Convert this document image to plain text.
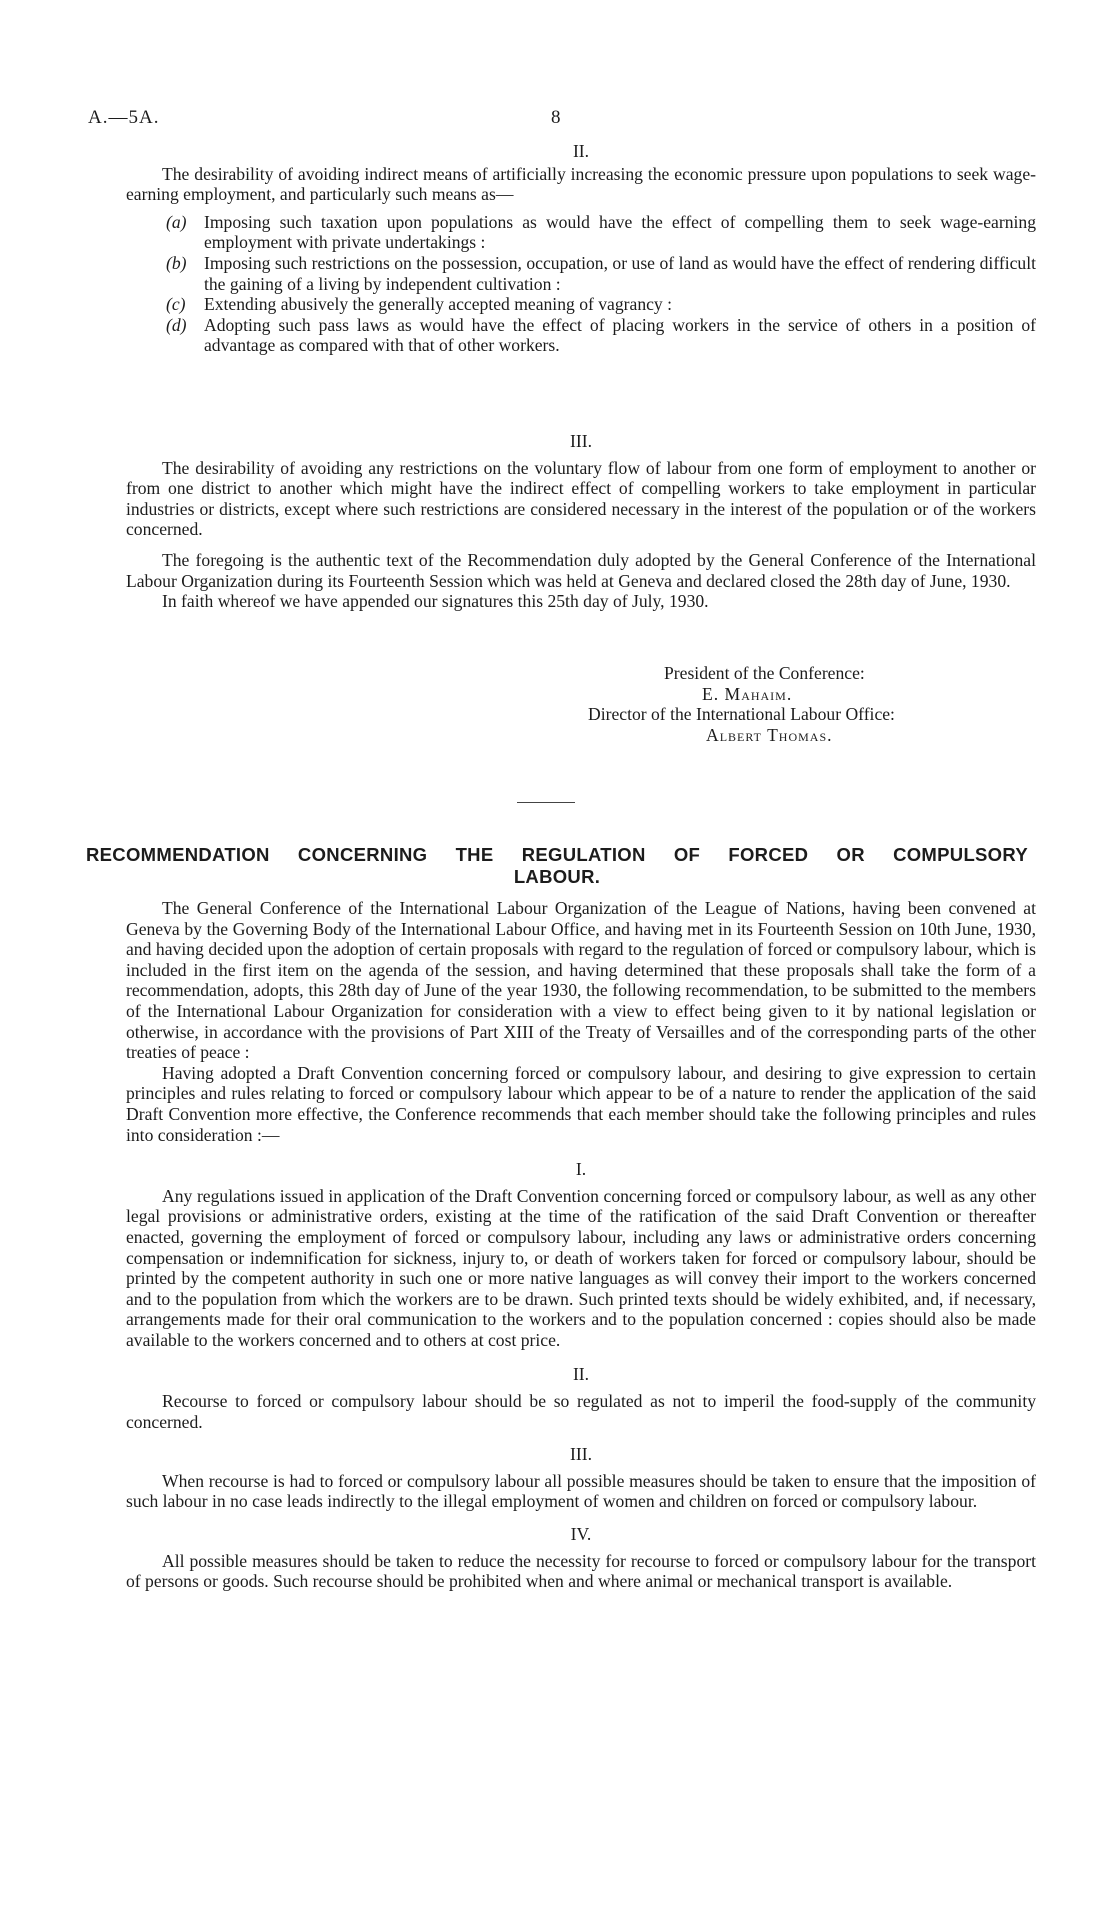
A.—5A.	8

II.

The desirability of avoiding indirect means of artificially increasing the economic pressure upon populations to seek wage-earning employment, and particularly such means as—

(a) Imposing such taxation upon populations as would have the effect of compelling them to seek wage-earning employment with private undertakings :
(b) Imposing such restrictions on the possession, occupation, or use of land as would have the effect of rendering difficult the gaining of a living by independent cultivation :
(c) Extending abusively the generally accepted meaning of vagrancy :
(d) Adopting such pass laws as would have the effect of placing workers in the service of others in a position of advantage as compared with that of other workers.

III.

The desirability of avoiding any restrictions on the voluntary flow of labour from one form of employment to another or from one district to another which might have the indirect effect of compelling workers to take employment in particular industries or districts, except where such restrictions are considered necessary in the interest of the population or of the workers concerned.

The foregoing is the authentic text of the Recommendation duly adopted by the General Conference of the International Labour Organization during its Fourteenth Session which was held at Geneva and declared closed the 28th day of June, 1930.

In faith whereof we have appended our signatures this 25th day of July, 1930.

President of the Conference:

E. Mahaim.

Director of the International Labour Office:

Albert Thomas.

RECOMMENDATION CONCERNING THE REGULATION OF FORCED OR COMPULSORY
LABOUR.

The General Conference of the International Labour Organization of the League of Nations, having been convened at Geneva by the Governing Body of the International Labour Office, and having met in its Fourteenth Session on 10th June, 1930, and having decided upon the adoption of certain proposals with regard to the regulation of forced or compulsory labour, which is included in the first item on the agenda of the session, and having determined that these proposals shall take the form of a recommendation, adopts, this 28th day of June of the year 1930, the following recommendation, to be submitted to the members of the International Labour Organization for consideration with a view to effect being given to it by national legislation or otherwise, in accordance with the provisions of Part XIII of the Treaty of Versailles and of the corresponding parts of the other treaties of peace :

Having adopted a Draft Convention concerning forced or compulsory labour, and desiring to give expression to certain principles and rules relating to forced or compulsory labour which appear to be of a nature to render the application of the said Draft Convention more effective, the Conference recommends that each member should take the following principles and rules into consideration :—

I.

Any regulations issued in application of the Draft Convention concerning forced or compulsory labour, as well as any other legal provisions or administrative orders, existing at the time of the ratification of the said Draft Convention or thereafter enacted, governing the employment of forced or compulsory labour, including any laws or administrative orders concerning compensation or indemnification for sickness, injury to, or death of workers taken for forced or compulsory labour, should be printed by the competent authority in such one or more native languages as will convey their import to the workers concerned and to the population from which the workers are to be drawn. Such printed texts should be widely exhibited, and, if necessary, arrangements made for their oral communication to the workers and to the population concerned : copies should also be made available to the workers concerned and to others at cost price.

II.

Recourse to forced or compulsory labour should be so regulated as not to imperil the food-supply of the community concerned.

III.

When recourse is had to forced or compulsory labour all possible measures should be taken to ensure that the imposition of such labour in no case leads indirectly to the illegal employment of women and children on forced or compulsory labour.

IV.

All possible measures should be taken to reduce the necessity for recourse to forced or compulsory labour for the transport of persons or goods. Such recourse should be prohibited when and where animal or mechanical transport is available.
